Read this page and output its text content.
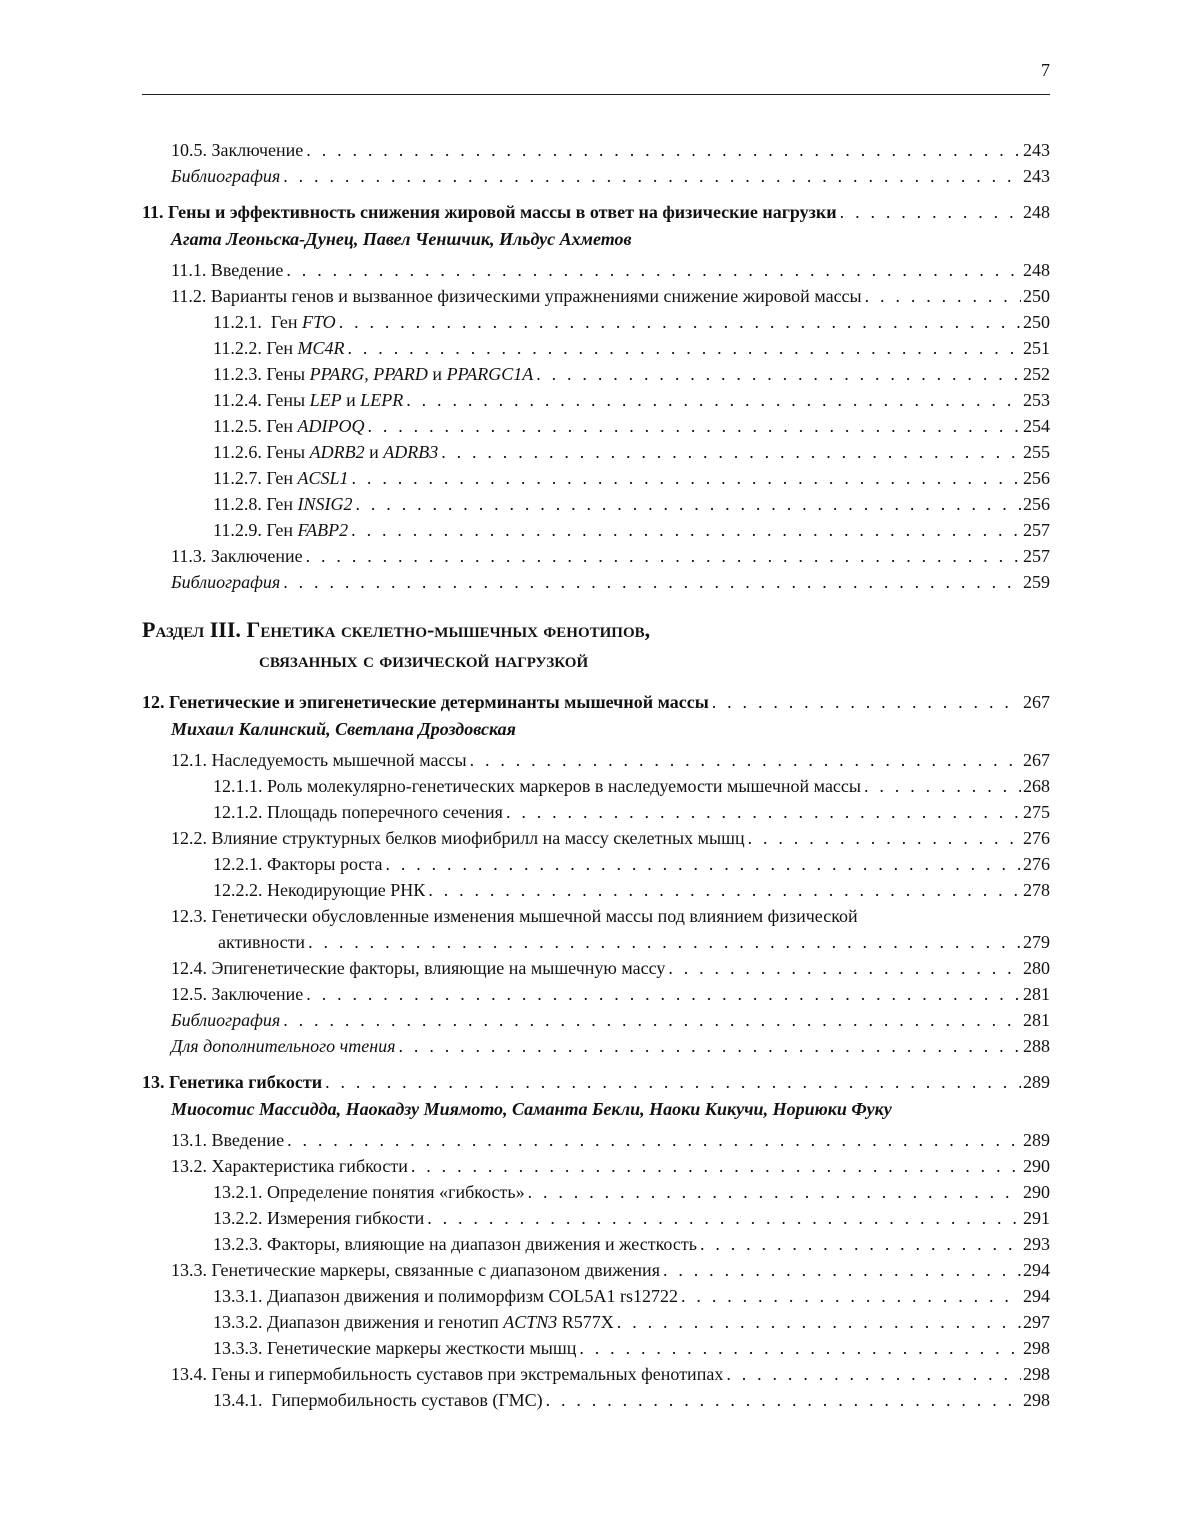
7
10.5. Заключение . . .	243
Библиография . . .	243
11. Гены и эффективность снижения жировой массы в ответ на физические нагрузки . . .	248
Агата Леоньска-Дунец, Павел Ченшчик, Ильдус Ахметов
11.1. Введение . . .	248
11.2. Варианты генов и вызванное физическими упражнениями снижение жировой массы . . .	250
11.2.1.  Ген FTO . . .	250
11.2.2. Ген MC4R . . .	251
11.2.3. Гены PPARG, PPARD и PPARGC1A . . .	252
11.2.4. Гены LEP и LEPR . . .	253
11.2.5. Ген ADIPOQ . . .	254
11.2.6. Гены ADRB2 и ADRB3 . . .	255
11.2.7. Ген ACSL1 . . .	256
11.2.8. Ген INSIG2 . . .	256
11.2.9. Ген FABP2 . . .	257
11.3. Заключение . . .	257
Библиография . . .	259
Раздел III. Генетика скелетно-мышечных фенотипов,
связанных с физической нагрузкой
12. Генетические и эпигенетические детерминанты мышечной массы . . .	267
Михаил Калинский, Светлана Дроздовская
12.1. Наследуемость мышечной массы . . .	267
12.1.1. Роль молекулярно-генетических маркеров в наследуемости мышечной массы . . .	268
12.1.2. Площадь поперечного сечения . . .	275
12.2. Влияние структурных белков миофибрилл на массу скелетных мышц . . .	276
12.2.1. Факторы роста . . .	276
12.2.2. Некодирующие РНК . . .	278
12.3. Генетически обусловленные изменения мышечной массы под влиянием физической
активности . . .	279
12.4. Эпигенетические факторы, влияющие на мышечную массу . . .	280
12.5. Заключение . . .	281
Библиография . . .	281
Для дополнительного чтения . . .	288
13. Генетика гибкости . . .	289
Миосотис Массидда, Наокадзу Миямото, Саманта Бекли, Наоки Кикучи, Нориюки Фуку
13.1. Введение . . .	289
13.2. Характеристика гибкости . . .	290
13.2.1. Определение понятия «гибкость» . . .	290
13.2.2. Измерения гибкости . . .	291
13.2.3. Факторы, влияющие на диапазон движения и жесткость . . .	293
13.3. Генетические маркеры, связанные с диапазоном движения . . .	294
13.3.1. Диапазон движения и полиморфизм COL5A1 rs12722 . . .	294
13.3.2. Диапазон движения и генотип ACTN3 R577X . . .	297
13.3.3. Генетические маркеры жесткости мышц . . .	298
13.4. Гены и гипермобильность суставов при экстремальных фенотипах . . .	298
13.4.1.  Гипермобильность суставов (ГМС) . . .	298
